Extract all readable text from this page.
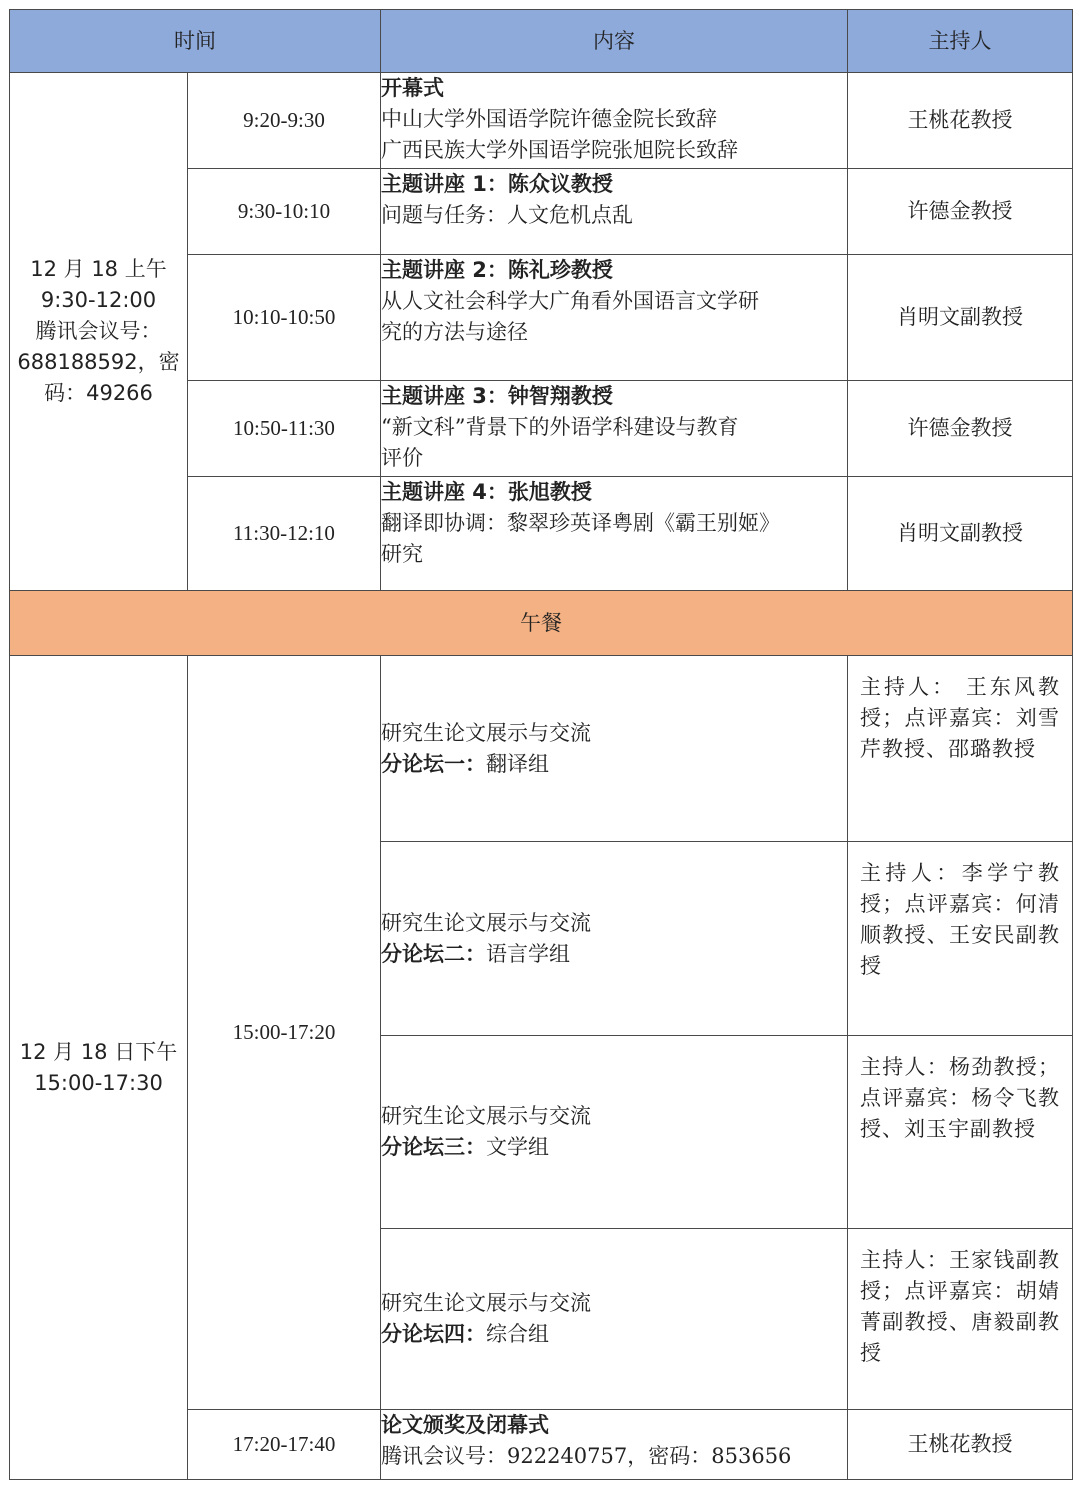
时间		内容	主持人

12 月 18 上午
9:30-12:00
腾讯会议号：
688188592，密
码：49266	9:20-9:30	开幕式
中山大学外国语学院许德金院长致辞
广西民族大学外国语学院张旭院长致辞	王桃花教授
	9:30-10:10	主题讲座 1：陈众议教授
问题与任务：人文危机点乱	许德金教授
	10:10-10:50	主题讲座 2：陈礼珍教授
从人文社会科学大广角看外国语言文学研
究的方法与途径	肖明文副教授
	10:50-11:30	主题讲座 3：钟智翔教授
“新文科”背景下的外语学科建设与教育
评价	许德金教授
	11:30-12:10	主题讲座 4：张旭教授
翻译即协调：黎翠珍英译粤剧《霸王别姬》
研究	肖明文副教授
午餐			

12 月 18 日下午
15:00-17:30	15:00-17:20	研究生论文展示与交流
分论坛一：翻译组	主持人： 王东风教授；点评嘉宾：刘雪芹教授、邵璐教授

		研究生论文展示与交流
分论坛二：语言学组	主持人：李学宁教授；点评嘉宾：何清顺教授、王安民副教授

		研究生论文展示与交流
分论坛三：文学组	主持人：杨劲教授；点评嘉宾：杨令飞教授、刘玉宇副教授

		研究生论文展示与交流
分论坛四：综合组	主持人：王家钱副教授；点评嘉宾：胡婧菁副教授、唐毅副教授
	17:20-17:40	论文颁奖及闭幕式
腾讯会议号：922240757，密码：853656	王桃花教授
